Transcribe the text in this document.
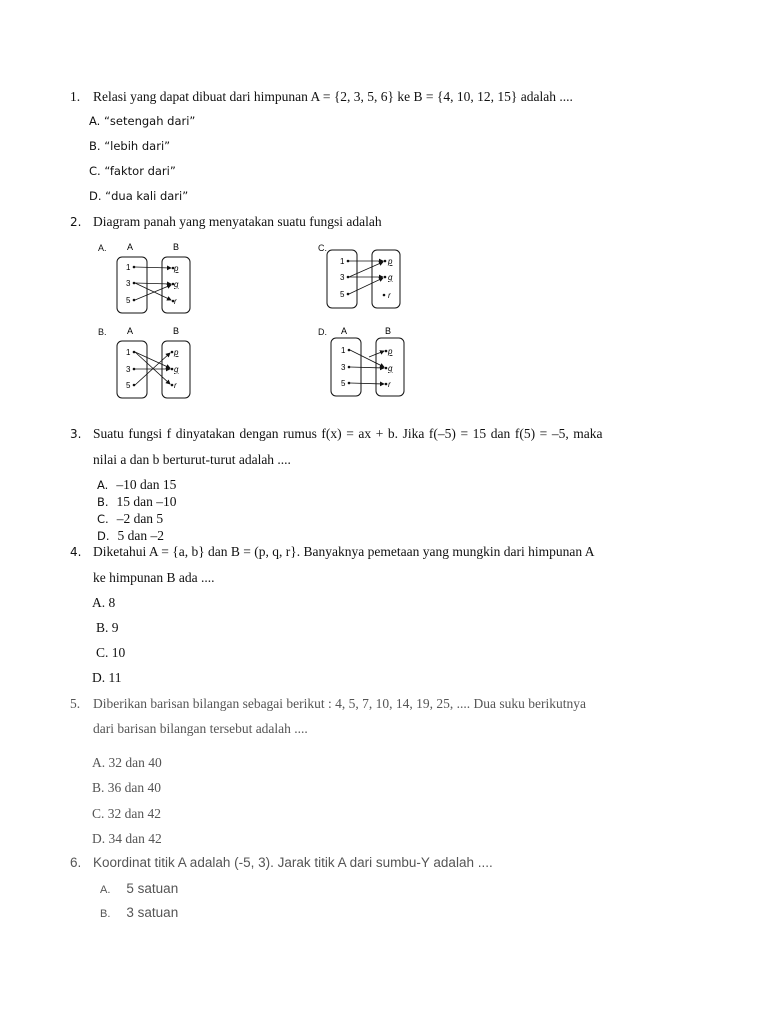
1. Relasi yang dapat dibuat dari himpunan A = {2, 3, 5, 6} ke B = {4, 10, 12, 15} adalah ....
A. “setengah dari”
B. “lebih dari”
C. “faktor dari”
D. “dua kali dari”
2. Diagram panah yang menyatakan suatu fungsi adalah
A. A	B
1
3
5
p
q
r
C.
1
3
5
p
q
r
B. A	B
1
3
5
p
q
r
D. A	B
1
3
5
p
q
r
3. Suatu fungsi f dinyatakan dengan rumus f(x) = ax + b. Jika f(–5) = 15 dan f(5) = –5, maka
nilai a dan b berturut-turut adalah ....
A. –10 dan 15
B. 15 dan –10
C. –2 dan 5
D. 5 dan –2
4. Diketahui A = {a, b} dan B = (p, q, r}. Banyaknya pemetaan yang mungkin dari himpunan A
ke himpunan B ada ....
A. 8
B. 9
C. 10
D. 11
5. Diberikan barisan bilangan sebagai berikut : 4, 5, 7, 10, 14, 19, 25, .... Dua suku berikutnya
dari barisan bilangan tersebut adalah ....
A. 32 dan 40
B. 36 dan 40
C. 32 dan 42
D. 34 dan 42
6. Koordinat titik A adalah (-5, 3). Jarak titik A dari sumbu-Y adalah ....
A. 5 satuan
B. 3 satuan
